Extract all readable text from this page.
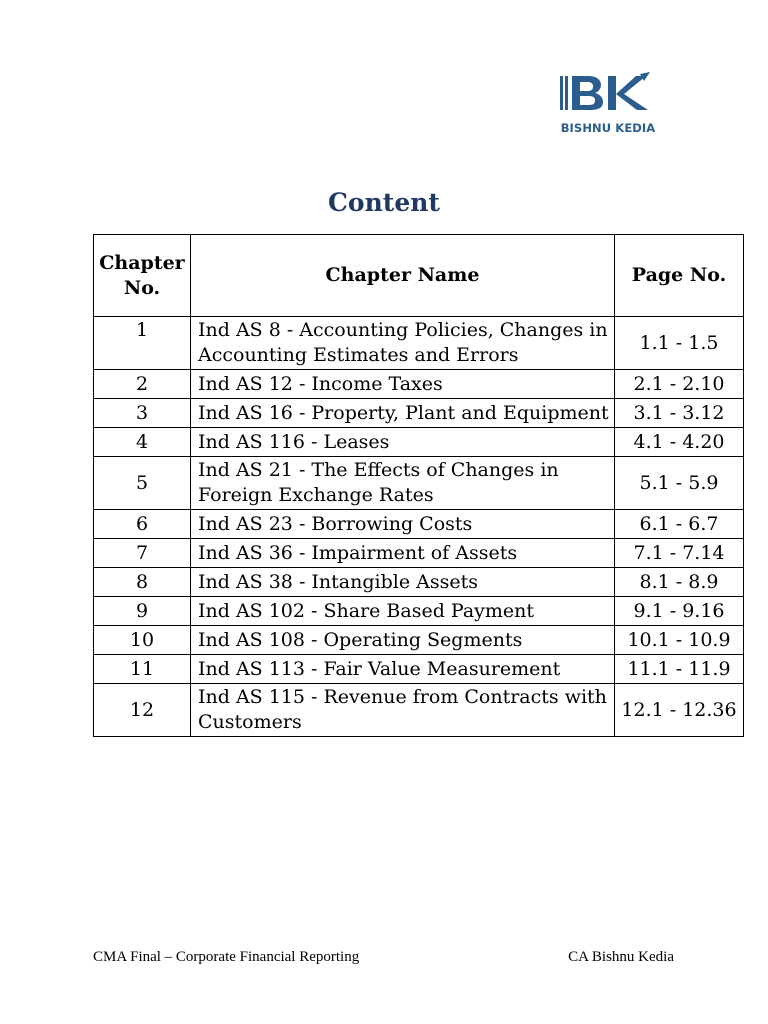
BISHNU KEDIA
Content
Chapter No.	Chapter Name	Page No.
1	Ind AS 8 - Accounting Policies, Changes in Accounting Estimates and Errors	1.1 - 1.5
2	Ind AS 12 - Income Taxes	2.1 - 2.10
3	Ind AS 16 - Property, Plant and Equipment	3.1 - 3.12
4	Ind AS 116 - Leases	4.1 - 4.20
5	Ind AS 21 - The Effects of Changes in Foreign Exchange Rates	5.1 - 5.9
6	Ind AS 23 - Borrowing Costs	6.1 - 6.7
7	Ind AS 36 - Impairment of Assets	7.1 - 7.14
8	Ind AS 38 - Intangible Assets	8.1 - 8.9
9	Ind AS 102 - Share Based Payment	9.1 - 9.16
10	Ind AS 108 - Operating Segments	10.1 - 10.9
11	Ind AS 113 - Fair Value Measurement	11.1 - 11.9
12	Ind AS 115 - Revenue from Contracts with Customers	12.1 - 12.36
CMA Final – Corporate Financial Reporting	CA Bishnu Kedia
